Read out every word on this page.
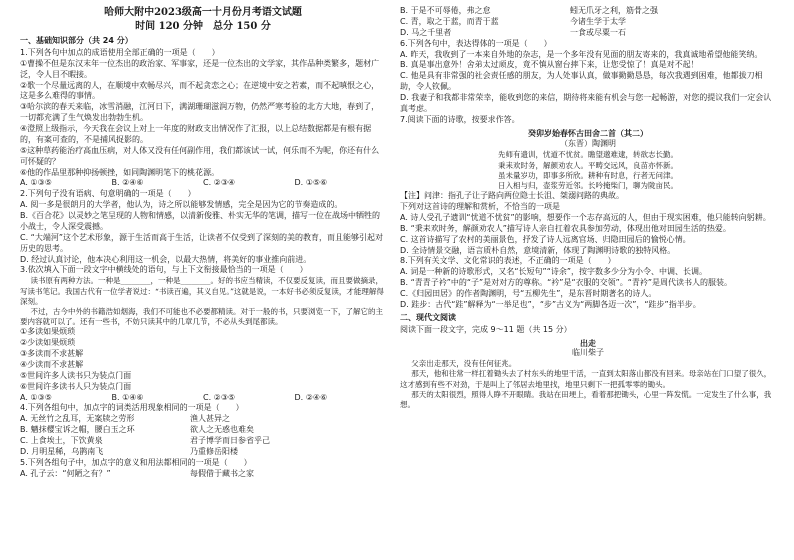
哈师大附中2023级高一十月份月考语文试题

时间 120 分钟　总分 150 分

一、基础知识部分（共 24 分）

1.下列各句中加点的成语使用全部正确的一项是（　　）

①曹操不但是东汉末年一位杰出的政治家、军事家，还是一位杰出的文学家，其作品种类繁多，题材广泛，令人目不暇接。

②歌一个尽量远离的人，在顺境中欢畅尽兴，而不起贪恋之心；在逆境中安之若素，而不起嗔恨之心，这是多么难得的事情。

③哈尔滨的春天来临，冰雪消融，江河日下，满湖珊瑚滋润万物，仍然严寒考验的北方大地，春到了，一切都充满了生气焕发出勃勃生机。

④澄照上级指示，今天我在会议上对上一年度的财政支出情况作了汇报，以上总结数据都是有根有据的，有案可查的，不是捕风捉影的。

⑤这种草药能治疗高血压病，对人体又没有任何副作用，我们都该试一试，何乐而不为呢，你还有什么可怀疑的？

⑥他的作品里那种抑扬顿挫，如同陶渊明笔下的桃花源。

A. ①③⑤	B. ②④⑥	C. ②③④	D. ①⑤⑥

2.下列句子没有语病、句意明确的一项是（　　）

A. 阅一多是很朗月的大学者，他认为，诗之所以能够发情感，完全是因为它的节奏造成的。

B.《百合花》以灵妙之笔呈现的人物和情感，以清新俊雅、朴实无华的笔调，描写一位在战场中牺牲的小战士，令人深受震撼。

C. “大端河”这个艺术形象，源于生活而高于生活，让读者不仅受到了深刻的美的教育，而且能够引起对历史的思考。

D. 经过认真讨论，他本决心利用这一机会，以最大热情，将美好的事业推向前进。

3.依次填入下面一段文字中横线处的语句，与上下文衔接最恰当的一项是（　　）

读书原有两种方法。一种是________，一种是________。好的书应当精读，不仅要反复读，而且要做摘录，写读书笔记。我国古代有一位学者说过：“书读百遍，其义自见。”这就是说，一本好书必须反复读，才能理解得深刻。

不过，古今中外的书籍浩如烟海，我们不可能也不必要都精读。对于一般的书，只要浏览一下，了解它的主要内容就可以了。还有一些书，不妨只读其中的几章几节，不必从头到尾都读。

①多读如果烦琐

②少读如果烦琐

③多读而不求甚解

④少读而不求甚解

⑤世间许多人读书只为装点门面

⑥世间许多读书人只为装点门面

A. ①③⑤	B. ①④⑥	C. ②③⑤	D. ②④⑥

4.下列各组句中，加点字的词类活用现象相同的一项是（　　）

A. 无丝竹之乱耳，无案牍之劳形	渔人甚异之
B. 魑抹樱宝诉之帽，腰白玉之环	欲人之无惑也难矣
C. 上食埃土，下饮黄泉	君子博学而日参省乎己
D. 月明星稀，乌鹊南飞	乃重修岳阳楼

5.下列各组句子中，加点字的意义和用法都相同的一项是（　　）

A. 孔子云：“何陋之有？”	每假借于藏书之家
B. 于是不可辱倦，弗之怠	蚓无爪牙之利，筋骨之强
C. 青，取之于蓝，而青于蓝	今诸生学于太学
D. 马之千里者	一食或尽粟一石

6.下列各句中，表达得体的一项是（　　）

A. 昨天，我收到了一本来自外地的杂志，是一个多年没有见面的朋友寄来的，我真诚地希望他能笑纳。

B. 真是事出意外！舍弟太过顽皮，竟不慎从窗台摔下来，让您受惊了！真是对不起！

C. 他是具有非常强的社会责任感的朋友，为人处事认真，做事勤勤恳恳，每次我遇到困难，他都拔刀相助，令人钦佩。

D. 我妻子和我都非常荣幸，能收到您的来信，期待将来能有机会与您一起畅游，对您的提议我们一定会认真考虑。

7.阅读下面的诗歌，按要求作答。

癸卯岁始春怀古田舍二首（其二）

（东晋）陶渊明

先师有遗训，忧道不忧贫。瞻望邈难逮，转欲志长勤。

秉耒欢时务，解颜劝农人。平畴交远风，良苗亦怀新。

虽未量岁功，即事多所欣。耕种有时息，行者无问津。

日入相与归，壶浆劳近邻。长吟掩柴门，聊为陇亩民。

【注】问津：指孔子让子路向两位隐士长沮、桀溺问路的典故。

下列对这首诗的理解和赏析，不恰当的一项是

A. 诗人受孔子遗训“忧道不忧贫”的影响，想要作一个志存高远的人，但由于现实困难，他只能转向躬耕。

B. “秉耒欢时务，解颜劝农人”描写诗人亲自扛着农具参加劳动，体现出他对田园生活的热爱。

C. 这首诗描写了农村的美丽景色，抒发了诗人远离官场、归隐田园后的愉悦心情。

D. 全诗情景交融，语言质朴自然，意境清新，体现了陶渊明诗歌的独特风格。

8.下列有关文学、文化常识的表述，不正确的一项是（　　）

A. 词是一种新的诗歌形式，又名“长短句”“诗余”，按字数多少分为小令、中调、长调。

B. “青青子衿”中的“子”是对对方的尊称。“衿”是“衣服的交领”。“青衿”是周代读书人的服装。

C.《归园田居》的作者陶渊明，号“五柳先生”，是东晋时期著名的诗人。

D. 跬步：古代“跬”解释为“一举足也”，“步”古义为“两脚各迈一次”，“跬步”指半步。

二、现代文阅读

阅读下面一段文字，完成 9～11 题（共 15 分）

出走

临川柴子

父亲出走那天，没有任何征兆。

那天，他和往常一样扛着锄头去了村东头的地里干活，一直到太阳落山都没有回来。母亲站在门口望了很久，这才感到有些不对劲，于是叫上了邻居去地里找，地里只剩下一把孤零零的锄头。

那天的太阳很烈，照得人睁不开眼睛。我站在田埂上，看着那把锄头，心里一阵发慌。一定发生了什么事，我想。
